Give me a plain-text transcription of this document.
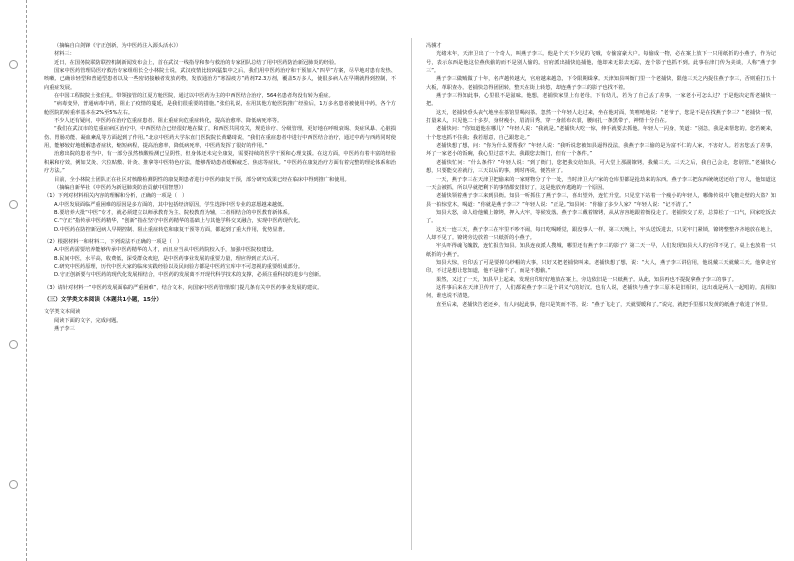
（摘编自白剑锋《守正创新，为中医药注入源头活水》）

材料三：

近日，在国务院联防联控机制新闻发布会上，首在武汉一线指导和参与救治的专家团队总结了用中医药防治新冠肺炎的经验。

国家中医药管理局医疗救治专家组组长仝小林院士说，武汉疫情比较凶猛集中之后，我们用中医药治疗和干预加入“四早”方案，尽早地对患有发热、咳嗽、已确诊轻型和普通型患者以及一些密切接触者发放药物，发放通治方“寒湿疫方”药剂72.3万剂，覆盖5万多人，使很多病人在早期就得到控制，不向重症发展。

在中国工程院院士张伯礼，带领接管的江夏方舱医院，通过以中医药为主的中西医结合治疗，564名患者均没有转为重症。

“病毒变异，普通病毒中药，阻止了疫情的蔓延，是我们很重要的措施。”张伯礼说，在用其他方舱医院推广经验后，1万多名患者被使用中药，各个方舱医院的转重率基本在2%至5%左右。

不少人还有疑问，中医药在治疗危重症患者、阻止重症向危重症转化，提高治愈率、降低病死率等。

“我们在武汉市的危重症病区治疗中，中西医结合已经很好地在做了，和西医共同攻关，规范诊疗、分级管理，更好地在呼吸衰竭、炎症风暴、心脏损伤、胃肠功能、凝血紊乱等方面起到了作用。”北京中医药大学东直门医院院长黄璐琦说，“我们在重症患者中进行中西医结合治疗，通过中药与西药同时使用，能够较好地缓解患者症状，缩短病程，提高治愈率，降低病死率，中医药发挥了很好的作用。”

治愈出院的患者当中，有一部分虽然核酸检测已呈阴性，但身体还未完全康复，需要持续的医学干预和心理支援。在这方面，中医药有着丰富的经验积累和疗效，例如艾灸、穴位贴敷、针灸、推拿等中医特色疗法，能够帮助患者缓解疲乏、焦虑等症状。“中医药在康复治疗方面有着完整的理论体系和治疗方法。”

目前，全小林院士团队正在社区对核酸检测阴性的康复期患者进行中医药康复干预，部分研究成果已经在临床中得到推广和使用。

（摘编自新华社《中医药为新冠肺炎防治贡献中国智慧》）

（1）下列对材料相关内容的理解和分析，正确的一项是（　）

A.中医发展面临严重困难的原因是多方面的，其中包括经济原因，学生选择中医专业的意愿越来越低。

B.要培养大批“中医”专才，就必须建立以师承教育为主、院校教育为辅，二者相结合的中医教育新体系。

C.“守正”指传承中医药精华，“创新”指在坚守中医药精华的基础上与其他学科交叉融合，实现中医药现代化。

D.中医药在防控新冠病人早期控制、阻止重症转危和康复干预等方面，都起到了重大作用，优势显著。

（2）根据材料一和材料二，下列说法不正确的一项是（　）

A.中医药需要培养能够传承中医药精华的人才，而且应当从中医药院校入手，加强中医院校建设。

B.民间中医，水平高，收费低，深受群众欢迎，是中医药事业发展的重要力量，理应得到正式认可。

C.研究中医药原理，历代中医大家的临床实践经验以及民间验方都是中医药宝库中不可忽视的重要组成部分。

D.守正创新要与中医药的现代化发展相结合，中医药的发展离不开现代科学技术的支撑，必须注重科技的进步与创新。

（3）请针对材料一“中医药发展面临的严重困难”，结合文本，向国家中医药管理部门提几条有关中医药事业发展的建议。

（三）文学类文本阅读（本题共1小题，15分）

文学类文本阅读

阅读下面的文字，完成问题。

燕子李三

冯骥才

光绪末年，天津卫出了一个奇人，叫燕子李三。他是个天下少见的飞贼，专偷富豪大户。每偷成一物，必在案上放下一只用纸折的小燕子，作为记号，表示东西是他这位燕侠偷的而不是别人偷的。官府派出捕快追捕他，他却来无影去无踪，连个影子也抓不到。此事在津门传为美谈，人称“燕子李三”。

燕子李三做贼做了十年，名声越传越大，官府越来越急，下令限期缉拿。天津知县叫衙门里一个老捕快，限他三天之内捉住燕子李三，否则重打五十大板，革职查办。老捕快急得团团转，整天在街上转悠，却连燕子李三的影子也找不着。

燕子李三得知此事，心里很不是滋味。他想，老捕快家里上有老母，下有幼儿，若为了自己丢了差事，一家老小可怎么过？于是他决定帮老捕快一把。

这天，老捕快垂头丧气地坐在茶馆里喝闷茶。忽然一个年轻人走过来，坐在他对面，笑嘻嘻地说：“老爷子，您是不是在找燕子李三？”老捕快一愣，打量来人，只见他二十多岁，身材瘦小，眉清目秀，穿一身蓝布衣裳，腰间扎一条黑带子，神情十分自在。

老捕快问：“你知道他在哪儿？”年轻人说：“我就是。”老捕快大吃一惊，伸手就要去抓他。年轻人一闪身，笑道：“别急，我是来帮您的。您若硬来，十个您也抓不住我；我若愿意，自己跟您走。”

老捕快想了想，问：“你为什么要帮我？”年轻人说：“我听说您被知县逼得没法，我燕子李三偷的是为富不仁的人家，不害好人。若害您丢了差事，坏了一家老小的饭碗，我心里过意不去。我跟您去衙门，但有一个条件。”

老捕快忙问：“什么条件？”年轻人说：“到了衙门，您把我交给知县，可大堂上那副镣铐，我戴三天。三天之后，我自己会走，您别管。”老捕快心想，只要能交差就行，三天以后的事，到时再说，便答应了。

一天，燕子李三在天津卫把偷来的一家财物分了个一处，当时津卫大户家的仓库里都是抢劫来的东西。燕子李三把东西统统送还给了穷人，他知道这一天会被抓，所以早就把剩下的事情都安排好了，这是他放弃逃跑的一个原因。

老捕快领着燕子李三来到县衙。知县一听抓住了燕子李三，喜出望外，连忙升堂。只见堂下站着一个瘦小的年轻人，哪像传说中飞檐走壁的大盗？知县一拍惊堂木，喝道：“你就是燕子李三？”年轻人说：“正是。”知县问：“你偷了多少人家？”年轻人说：“记不清了。”

知县大怒，命人给他戴上镣铐，押入大牢，等候发落。燕子李三戴着镣铐，从从容容地跟着衙役走了。老捕快交了差，总算松了一口气，回家吃饭去了。

这天一连三天，燕子李三在牢里不吵不闹，每日吃喝睡觉，跟没事人一样。第三天晚上，牢头送饭进去，只见牢门紧锁，镣铐整整齐齐地放在地上，人却不见了。镣铐旁边放着一只纸折的小燕子。

牢头吓得魂飞魄散，连忙报告知县。知县连夜派人搜城，哪里还有燕子李三的影子？第二天一早，人们发现知县大人的官印不见了，桌上也放着一只纸折的小燕子。

知县大惊，官印丢了可是要掉乌纱帽的大事，只好又把老捕快叫来。老捕快想了想，说：“大人，燕子李三讲信用，他说戴三天就戴三天。他拿走官印，不过是想让您知道，他不是偷不了，而是不想偷。”

果然，又过了一天，知县早上起来，发现官印好好地放在案上，旁边依旧是一只纸燕子。从此，知县再也不提捉拿燕子李三的事了。

这件事后来在天津卫传开了，人们都说燕子李三是个讲义气的好汉。也有人说，老捕快与燕子李三原本是旧相识，这出戏是两人一起唱的。真相如何，谁也说不清楚。

直至后来，老捕快告老还乡，有人问起此事，他只是笑而不答，说：“燕子飞走了，天就要暖和了。”说完，就把手里那只发黄的纸燕子收进了怀里。
